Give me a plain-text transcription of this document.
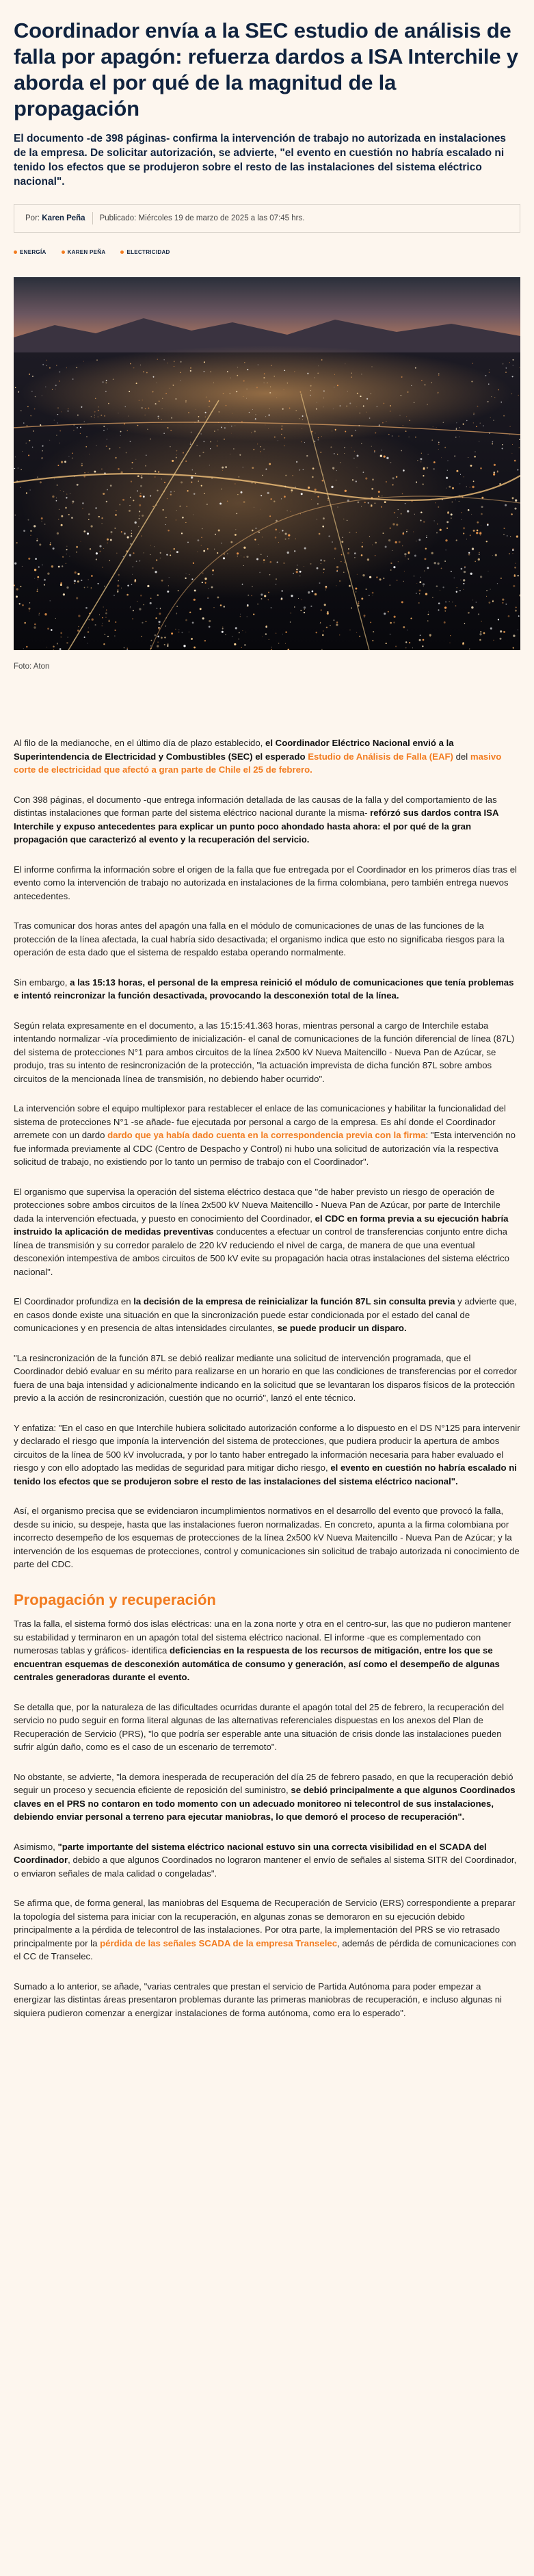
Coordinador envía a la SEC estudio de análisis de falla por apagón: refuerza dardos a ISA Interchile y aborda el por qué de la magnitud de la propagación

El documento -de 398 páginas- confirma la intervención de trabajo no autorizada en instalaciones de la empresa. De solicitar autorización, se advierte, "el evento en cuestión no habría escalado ni tenido los efectos que se produjeron sobre el resto de las instalaciones del sistema eléctrico nacional".

Por:
Karen Peña Publicado:
Miércoles 19 de marzo de 2025 a las 07:45 hrs.
ENERGÍA	KAREN PEÑA	ELECTRICIDAD

Foto: Aton

Al filo de la medianoche, en el último día de plazo establecido, el Coordinador Eléctrico Nacional envió a la Superintendencia de Electricidad y Combustibles (SEC) el esperado Estudio de Análisis de Falla (EAF) del masivo corte de electricidad que afectó a gran parte de Chile el 25 de febrero.

Con 398 páginas, el documento -que entrega información detallada de las causas de la falla y del comportamiento de las distintas instalaciones que forman parte del sistema eléctrico nacional durante la misma- refórzó sus dardos contra ISA Interchile y expuso antecedentes para explicar un punto poco ahondado hasta ahora: el por qué de la gran propagación que caracterizó al evento y la recuperación del servicio.

El informe confirma la información sobre el origen de la falla que fue entregada por el Coordinador en los primeros días tras el evento como la intervención de trabajo no autorizada en instalaciones de la firma colombiana, pero también entrega nuevos antecedentes.

Tras comunicar dos horas antes del apagón una falla en el módulo de comunicaciones de unas de las funciones de la protección de la línea afectada, la cual habría sido desactivada; el organismo indica que esto no significaba riesgos para la operación de esta dado que el sistema de respaldo estaba operando normalmente.

Sin embargo, a las 15:13 horas, el personal de la empresa reinició el módulo de comunicaciones que tenía problemas e intentó reincronizar la función desactivada, provocando la desconexión total de la línea.

Según relata expresamente en el documento, a las 15:15:41.363 horas, mientras personal a cargo de Interchile estaba intentando normalizar -vía procedimiento de inicialización- el canal de comunicaciones de la función diferencial de línea (87L) del sistema de protecciones N°1 para ambos circuitos de la línea 2x500 kV Nueva Maitencillo - Nueva Pan de Azúcar, se produjo, tras su intento de resincronización de la protección, "la actuación imprevista de dicha función 87L sobre ambos circuitos de la mencionada línea de transmisión, no debiendo haber ocurrido".

La intervención sobre el equipo multiplexor para restablecer el enlace de las comunicaciones y habilitar la funcionalidad del sistema de protecciones N°1 -se añade- fue ejecutada por personal a cargo de la empresa. Es ahí donde el Coordinador arremete con un dardo dardo que ya había dado cuenta en la correspondencia previa con la firma: "Esta intervención no fue informada previamente al CDC (Centro de Despacho y Control) ni hubo una solicitud de autorización vía la respectiva solicitud de trabajo, no existiendo por lo tanto un permiso de trabajo con el Coordinador".

El organismo que supervisa la operación del sistema eléctrico destaca que "de haber previsto un riesgo de operación de protecciones sobre ambos circuitos de la línea 2x500 kV Nueva Maitencillo - Nueva Pan de Azúcar, por parte de Interchile dada la intervención efectuada, y puesto en conocimiento del Coordinador, el CDC en forma previa a su ejecución habría instruido la aplicación de medidas preventivas conducentes a efectuar un control de transferencias conjunto entre dicha línea de transmisión y su corredor paralelo de 220 kV reduciendo el nivel de carga, de manera de que una eventual desconexión intempestiva de ambos circuitos de 500 kV evite su propagación hacia otras instalaciones del sistema eléctrico nacional".

El Coordinador profundiza en la decisión de la empresa de reinicializar la función 87L sin consulta previa y advierte que, en casos donde existe una situación en que la sincronización puede estar condicionada por el estado del canal de comunicaciones y en presencia de altas intensidades circulantes, se puede producir un disparo.

"La resincronización de la función 87L se debió realizar mediante una solicitud de intervención programada, que el Coordinador debió evaluar en su mérito para realizarse en un horario en que las condiciones de transferencias por el corredor fuera de una baja intensidad y adicionalmente indicando en la solicitud que se levantaran los disparos físicos de la protección previo a la acción de resincronización, cuestión que no ocurrió", lanzó el ente técnico.

Y enfatiza: "En el caso en que Interchile hubiera solicitado autorización conforme a lo dispuesto en el DS N°125 para intervenir y declarado el riesgo que imponía la intervención del sistema de protecciones, que pudiera producir la apertura de ambos circuitos de la línea de 500 kV involucrada, y por lo tanto haber entregado la información necesaria para haber evaluado el riesgo y con ello adoptado las medidas de seguridad para mitigar dicho riesgo, el evento en cuestión no habría escalado ni tenido los efectos que se produjeron sobre el resto de las instalaciones del sistema eléctrico nacional".

Así, el organismo precisa que se evidenciaron incumplimientos normativos en el desarrollo del evento que provocó la falla, desde su inicio, su despeje, hasta que las instalaciones fueron normalizadas. En concreto, apunta a la firma colombiana por incorrecto desempeño de los esquemas de protecciones de la línea 2x500 kV Nueva Maitencillo - Nueva Pan de Azúcar; y la intervención de los esquemas de protecciones, control y comunicaciones sin solicitud de trabajo autorizada ni conocimiento de parte del CDC.

Propagación y recuperación

Tras la falla, el sistema formó dos islas eléctricas: una en la zona norte y otra en el centro-sur, las que no pudieron mantener su estabilidad y terminaron en un apagón total del sistema eléctrico nacional. El informe -que es complementado con numerosas tablas y gráficos- identifica deficiencias en la respuesta de los recursos de mitigación, entre los que se encuentran esquemas de desconexión automática de consumo y generación, así como el desempeño de algunas centrales generadoras durante el evento.

Se detalla que, por la naturaleza de las dificultades ocurridas durante el apagón total del 25 de febrero, la recuperación del servicio no pudo seguir en forma literal algunas de las alternativas referenciales dispuestas en los anexos del Plan de Recuperación de Servicio (PRS), "lo que podría ser esperable ante una situación de crisis donde las instalaciones pueden sufrir algún daño, como es el caso de un escenario de terremoto".

No obstante, se advierte, "la demora inesperada de recuperación del día 25 de febrero pasado, en que la recuperación debió seguir un proceso y secuencia eficiente de reposición del suministro, se debió principalmente a que algunos Coordinados claves en el PRS no contaron en todo momento con un adecuado monitoreo ni telecontrol de sus instalaciones, debiendo enviar personal a terreno para ejecutar maniobras, lo que demoró el proceso de recuperación".

Asimismo, "parte importante del sistema eléctrico nacional estuvo sin una correcta visibilidad en el SCADA del Coordinador, debido a que algunos Coordinados no lograron mantener el envío de señales al sistema SITR del Coordinador, o enviaron señales de mala calidad o congeladas".

Se afirma que, de forma general, las maniobras del Esquema de Recuperación de Servicio (ERS) correspondiente a preparar la topología del sistema para iniciar con la recuperación, en algunas zonas se demoraron en su ejecución debido principalmente a la pérdida de telecontrol de las instalaciones. Por otra parte, la implementación del PRS se vio retrasado principalmente por la pérdida de las señales SCADA de la empresa Transelec, además de pérdida de comunicaciones con el CC de Transelec.

Sumado a lo anterior, se añade, "varias centrales que prestan el servicio de Partida Autónoma para poder empezar a energizar las distintas áreas presentaron problemas durante las primeras maniobras de recuperación, e incluso algunas ni siquiera pudieron comenzar a energizar instalaciones de forma autónoma, como era lo esperado".
